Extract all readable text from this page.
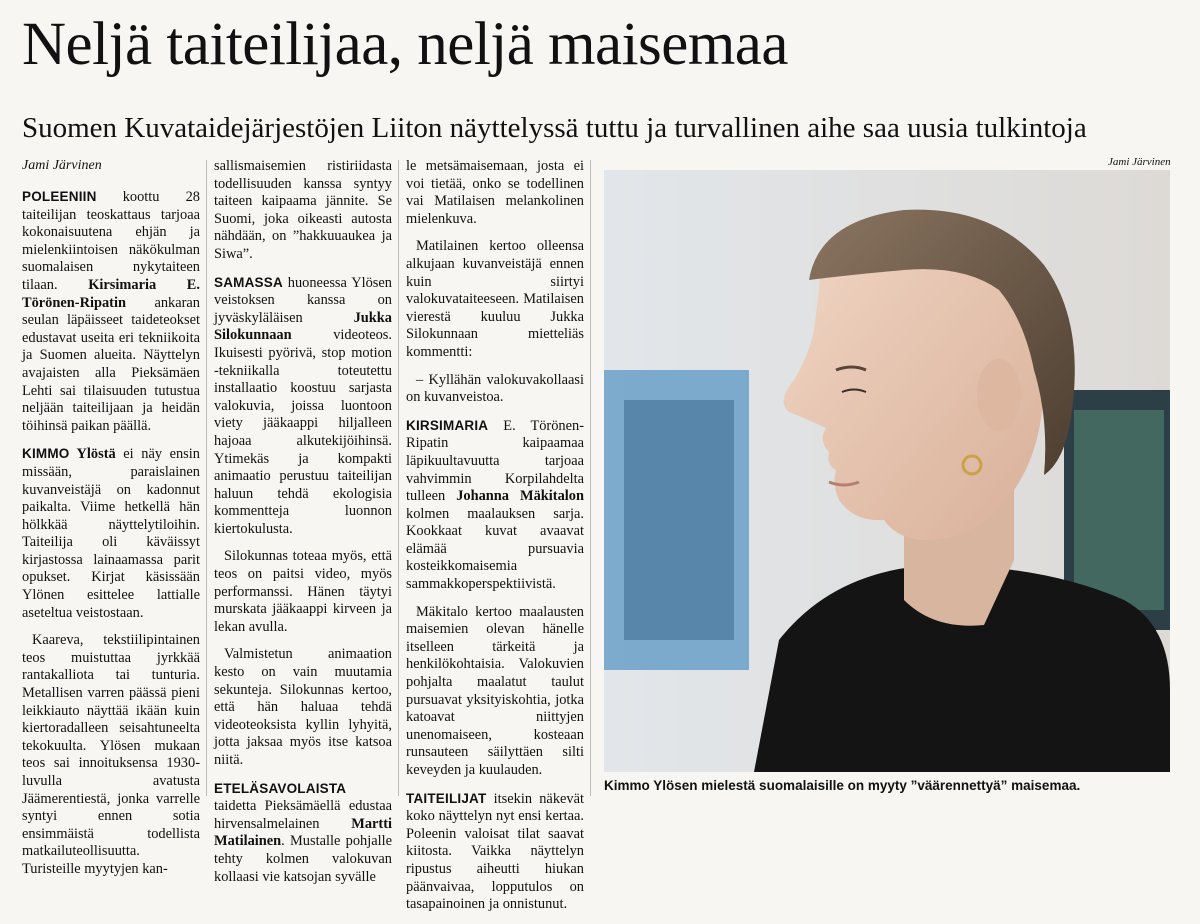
Neljä taiteilijaa, neljä maisemaa
Suomen Kuvataidejärjestöjen Liiton näyttelyssä tuttu ja turvallinen aihe saa uusia tulkintoja

Jami Järvinen

POLEENIIN koottu 28 taiteilijan teoskattaus tarjoaa kokonaisuutena ehjän ja mielenkiintoisen näkökulman suomalaisen nykytaiteen tilaan. Kirsimaria E. Törönen-Ripatin ankaran seulan läpäisseet taideteokset edustavat useita eri tekniikoita ja Suomen alueita. Näyttelyn avajaisten alla Pieksämäen Lehti sai tilaisuuden tutustua neljään taiteilijaan ja heidän töihinsä paikan päällä.

KIMMO Ylöstä ei näy ensin missään, paraislainen kuvanveistäjä on kadonnut paikalta. Viime hetkellä hän hölkkää näyttelytiloihin. Taiteilija oli käväissyt kirjastossa lainaamassa parit opukset. Kirjat käsissään Ylönen esittelee lattialle aseteltua veistostaan.

Kaareva, tekstiilipintainen teos muistuttaa jyrkkää rantakalliota tai tunturia. Metallisen varren päässä pieni leikkiauto näyttää ikään kuin kiertoradalleen seisahtuneelta tekokuulta. Ylösen mukaan teos sai innoituksensa 1930-luvulla avatusta Jäämerentiestä, jonka varrelle syntyi ennen sotia ensimmäistä todellista matkailuteollisuutta. Turisteille myytyjen kan-

sallismaisemien ristiriidasta todellisuuden kanssa syntyy taiteen kaipaama jännite. Se Suomi, joka oikeasti autosta nähdään, on ”hakkuuaukea ja Siwa”.

SAMASSA huoneessa Ylösen veistoksen kanssa on jyväskyläläisen Jukka Silokunnaan videoteos. Ikuisesti pyörivä, stop motion -tekniikalla toteutettu installaatio koostuu sarjasta valokuvia, joissa luontoon viety jääkaappi hiljalleen hajoaa alkutekijöihinsä. Ytimekäs ja kompakti animaatio perustuu taiteilijan haluun tehdä ekologisia kommentteja luonnon kiertokulusta.

Silokunnas toteaa myös, että teos on paitsi video, myös performanssi. Hänen täytyi murskata jääkaappi kirveen ja lekan avulla.

Valmistetun animaation kesto on vain muutamia sekunteja. Silokunnas kertoo, että hän haluaa tehdä videoteoksista kyllin lyhyitä, jotta jaksaa myös itse katsoa niitä.

ETELÄSAVOLAISTA taidetta Pieksämäellä edustaa hirvensalmelainen Martti Matilainen. Mustalle pohjalle tehty kolmen valokuvan kollaasi vie katsojan syvälle

le metsämaisemaan, josta ei voi tietää, onko se todellinen vai Matilaisen melankolinen mielenkuva.

Matilainen kertoo olleensa alkujaan kuvanveistäjä ennen kuin siirtyi valokuvataiteeseen. Matilaisen vierestä kuuluu Jukka Silokunnaan mietteliäs kommentti:

– Kyllähän valokuvakollaasi on kuvanveistoa.

KIRSIMARIA E. Törönen-Ripatin kaipaamaa läpikuultavuutta tarjoaa vahvimmin Korpilahdelta tulleen Johanna Mäkitalon kolmen maalauksen sarja. Kookkaat kuvat avaavat elämää pursuavia kosteikkomaisemia sammakkoperspektiivistä.

Mäkitalo kertoo maalausten maisemien olevan hänelle itselleen tärkeitä ja henkilökohtaisia. Valokuvien pohjalta maalatut taulut pursuavat yksityiskohtia, jotka katoavat niittyjen unenomaiseen, kosteaan runsauteen säilyttäen silti keveyden ja kuulauden.

TAITEILIJAT itsekin näkevät koko näyttelyn nyt ensi kertaa. Poleenin valoisat tilat saavat kiitosta. Vaikka näyttelyn ripustus aiheutti hiukan päänvaivaa, lopputulos on tasapainoinen ja onnistunut.

Jami Järvinen

Kimmo Ylösen mielestä suomalaisille on myyty ”väärennettyä” maisemaa.
